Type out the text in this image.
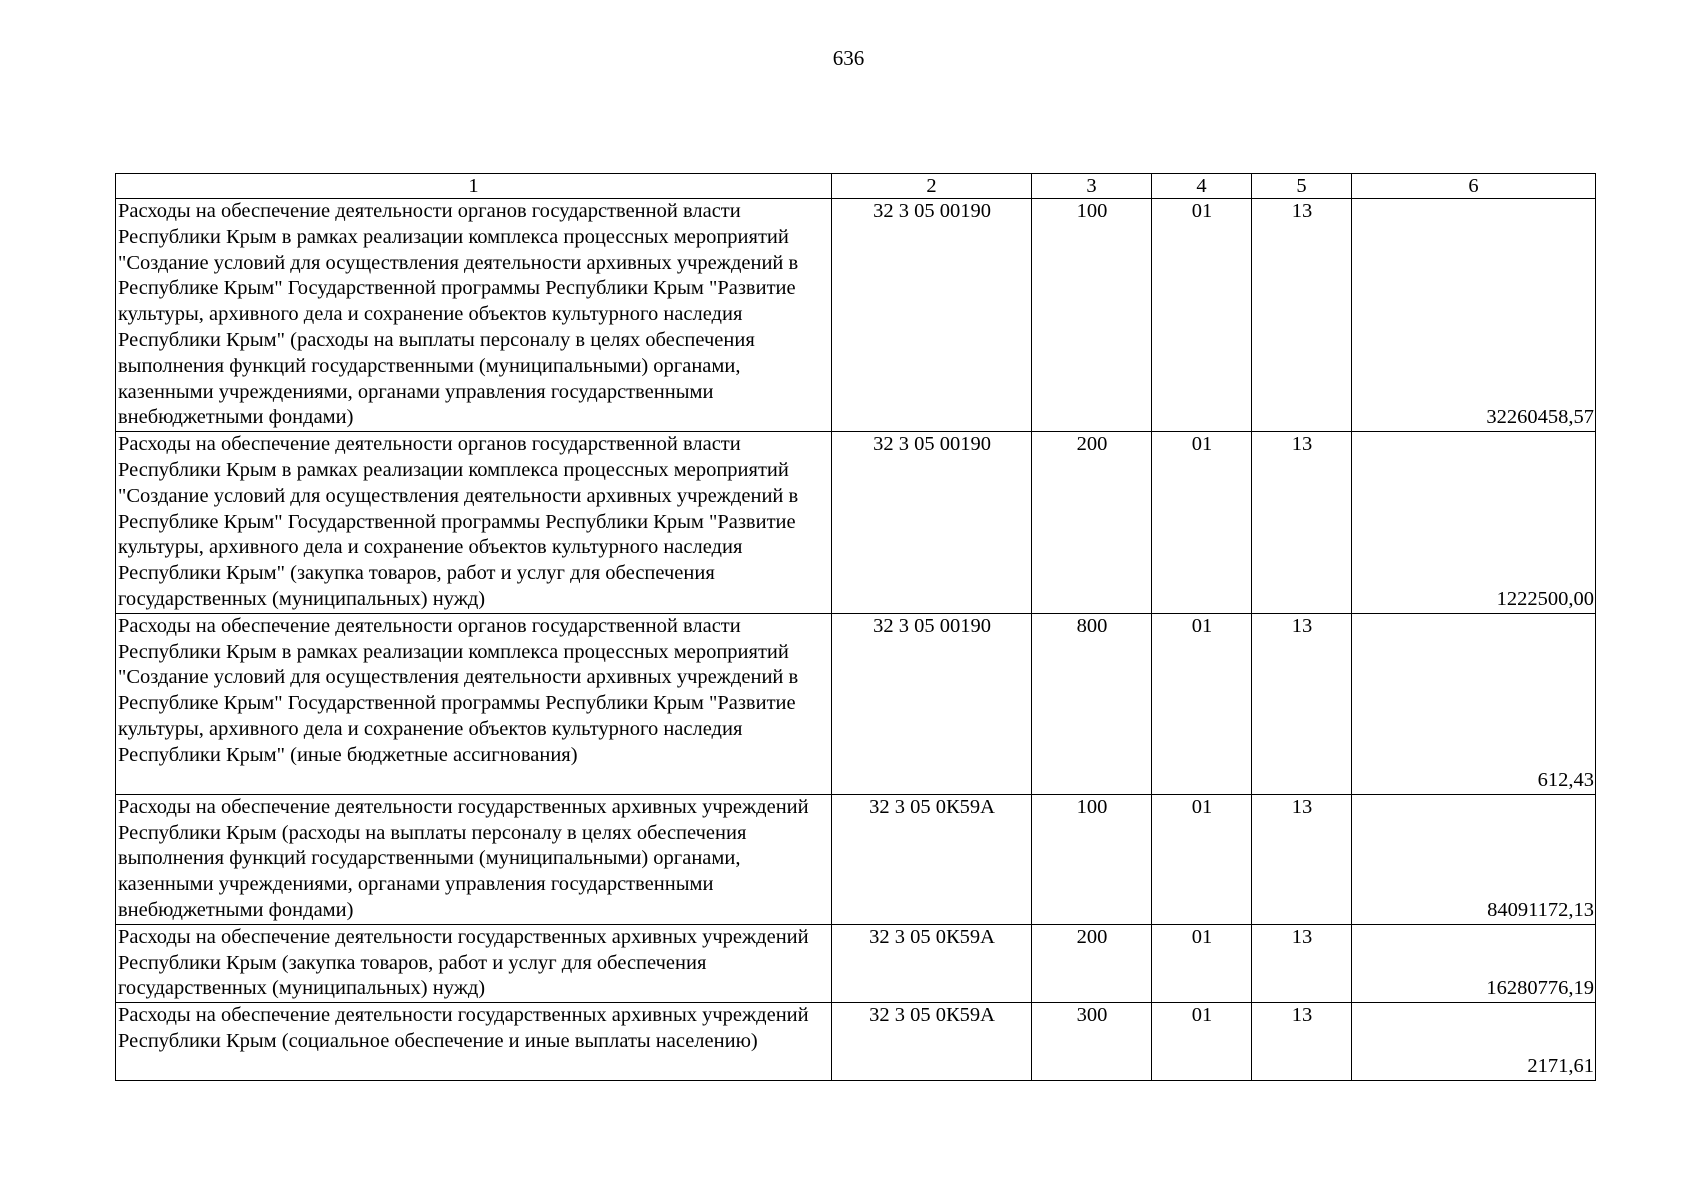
636
1	2	3	4	5	6
Расходы на обеспечение деятельности органов государственной власти Республики Крым в рамках реализации комплекса процессных мероприятий "Создание условий для осуществления деятельности архивных учреждений в Республике Крым" Государственной программы Республики Крым "Развитие культуры, архивного дела и сохранение объектов культурного наследия Республики Крым" (расходы на выплаты персоналу в целях обеспечения выполнения функций государственными (муниципальными) органами, казенными учреждениями, органами управления государственными внебюджетными фондами)	32 3 05 00190	100	01	13	32260458,57
Расходы на обеспечение деятельности органов государственной власти Республики Крым в рамках реализации комплекса процессных мероприятий "Создание условий для осуществления деятельности архивных учреждений в Республике Крым" Государственной программы Республики Крым "Развитие культуры, архивного дела и сохранение объектов культурного наследия Республики Крым" (закупка товаров, работ и услуг для обеспечения государственных (муниципальных) нужд)	32 3 05 00190	200	01	13	1222500,00
Расходы на обеспечение деятельности органов государственной власти Республики Крым в рамках реализации комплекса процессных мероприятий "Создание условий для осуществления деятельности архивных учреждений в Республике Крым" Государственной программы Республики Крым "Развитие культуры, архивного дела и сохранение объектов культурного наследия Республики Крым" (иные бюджетные ассигнования)	32 3 05 00190	800	01	13	612,43
Расходы на обеспечение деятельности государственных архивных учреждений Республики Крым (расходы на выплаты персоналу в целях обеспечения выполнения функций государственными (муниципальными) органами, казенными учреждениями, органами управления государственными внебюджетными фондами)	32 3 05 0К59А	100	01	13	84091172,13
Расходы на обеспечение деятельности государственных архивных учреждений Республики Крым (закупка товаров, работ и услуг для обеспечения государственных (муниципальных) нужд)	32 3 05 0К59А	200	01	13	16280776,19
Расходы на обеспечение деятельности государственных архивных учреждений Республики Крым (социальное обеспечение и иные выплаты населению)	32 3 05 0К59А	300	01	13	2171,61
